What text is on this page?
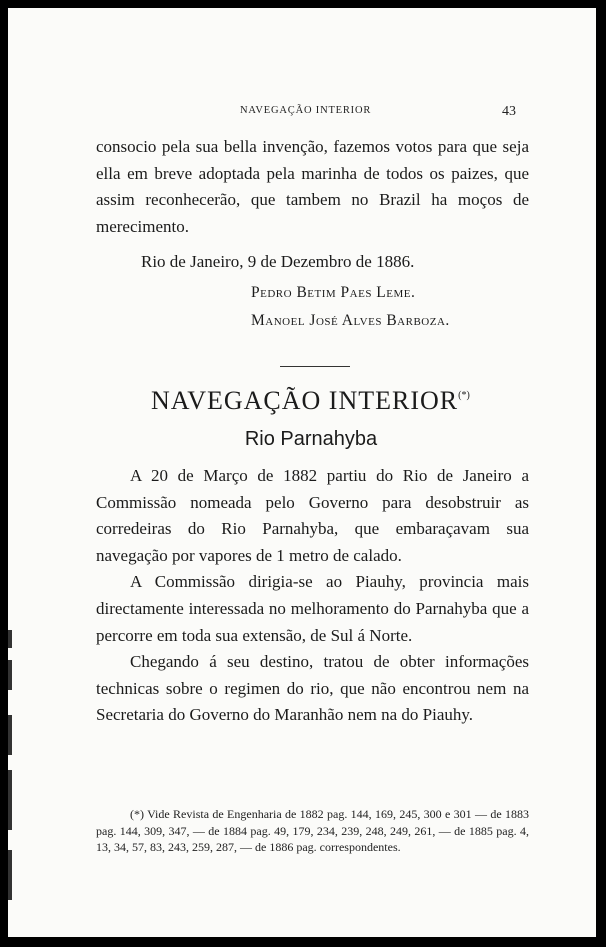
NAVEGAÇÃO INTERIOR	43

consocio pela sua bella invenção, fazemos votos para que seja ella em breve adoptada pela marinha de todos os paizes, que assim reconhecerão, que tambem no Brazil ha moços de merecimento.

Rio de Janeiro, 9 de Dezembro de 1886.
Pedro Betim Paes Leme.
Manoel José Alves Barboza.
NAVEGAÇÃO INTERIOR(*)
Rio Parnahyba

A 20 de Março de 1882 partiu do Rio de Janeiro a Commissão nomeada pelo Governo para desobstruir as corredeiras do Rio Parnahyba, que embaraçavam sua navegação por vapores de 1 metro de calado.

A Commissão dirigia-se ao Piauhy, provincia mais directamente interessada no melhoramento do Parnahyba que a percorre em toda sua extensão, de Sul á Norte.

Chegando á seu destino, tratou de obter informações technicas sobre o regimen do rio, que não encontrou nem na Secretaria do Governo do Maranhão nem na do Piauhy.

(*) Vide Revista de Engenharia de 1882 pag. 144, 169, 245, 300 e 301 — de 1883 pag. 144, 309, 347, — de 1884 pag. 49, 179, 234, 239, 248, 249, 261, — de 1885 pag. 4, 13, 34, 57, 83, 243, 259, 287, — de 1886 pag. correspondentes.
